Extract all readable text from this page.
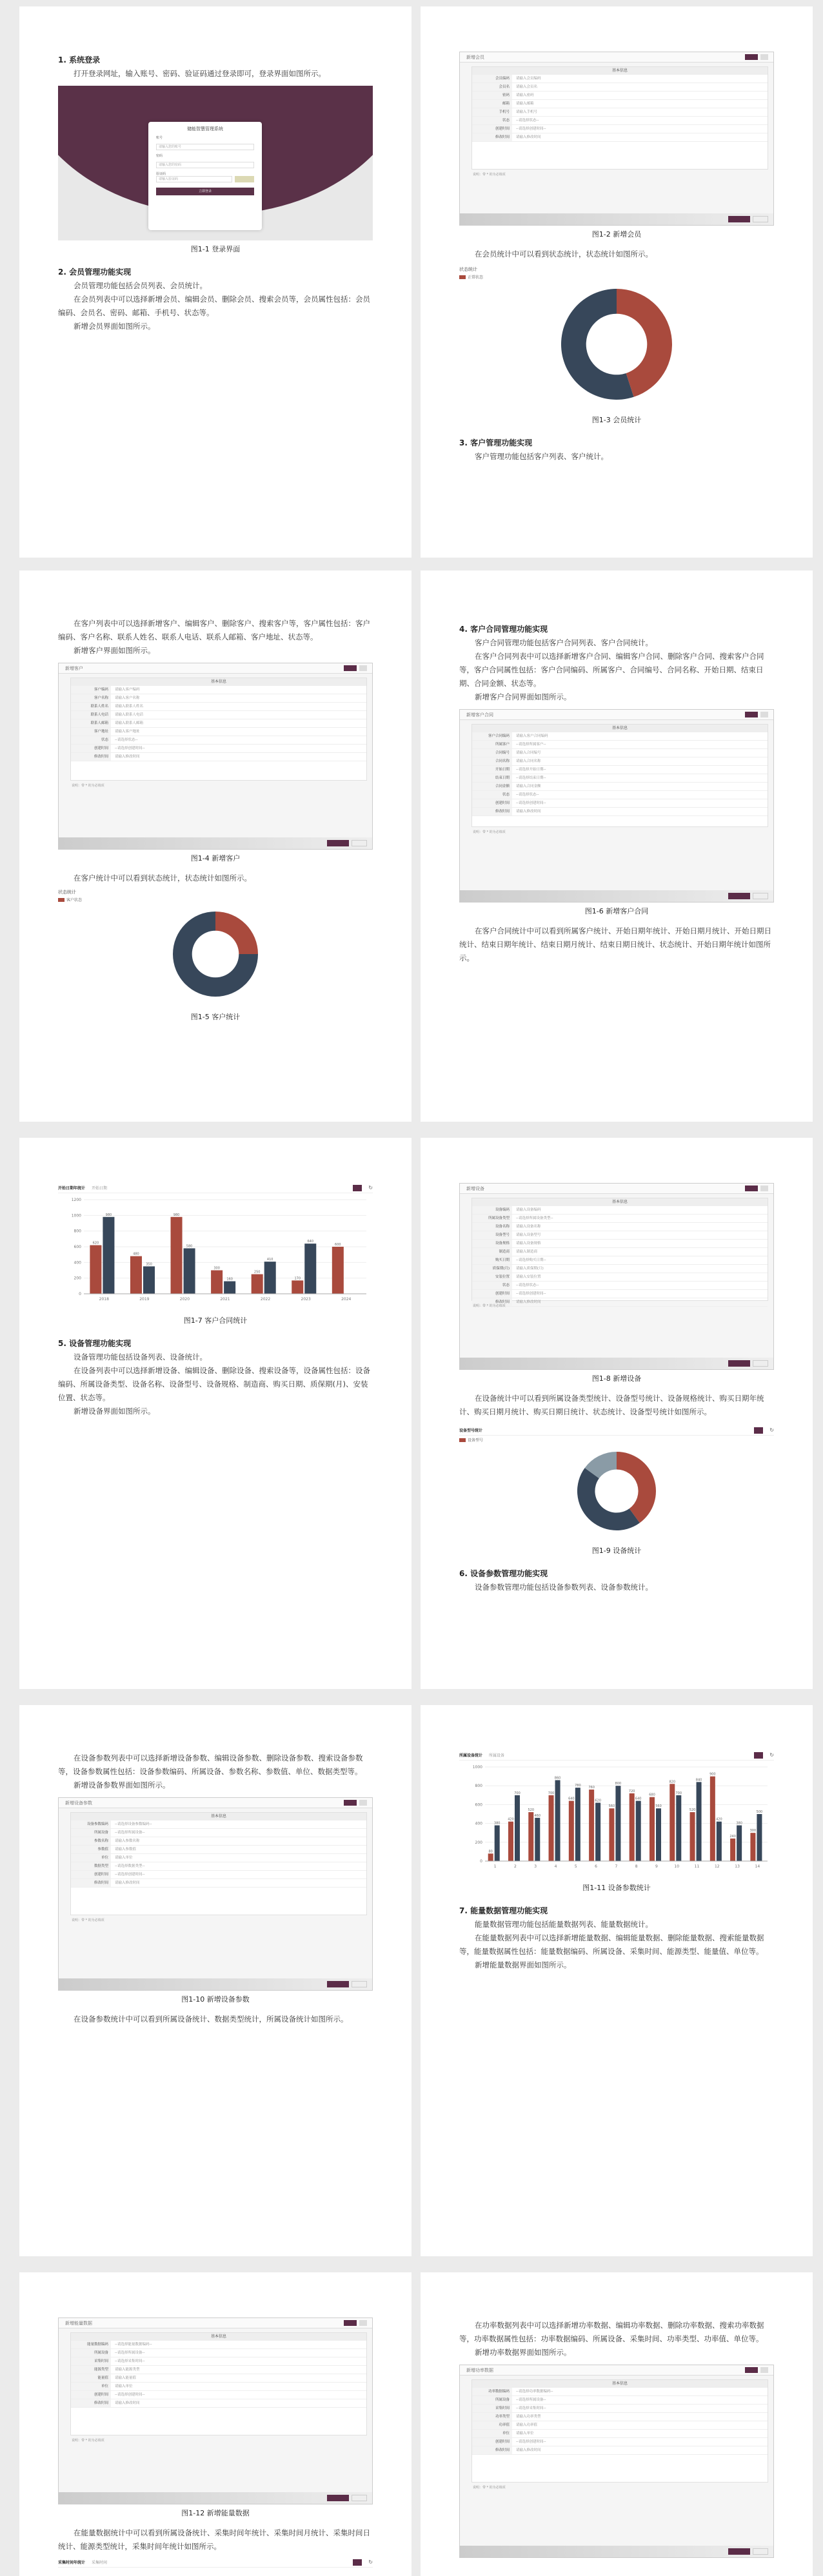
1. 系统登录
打开登录网址，输入账号、密码、验证码通过登录即可，登录界面如图所示。
储能智慧管理系统
账号
请输入您的账号
密码
请输入您的密码
验证码
请输入验证码
立即登录
图1-1 登录界面
2. 会员管理功能实现
会员管理功能包括会员列表、会员统计。
在会员列表中可以选择新增会员、编辑会员、删除会员、搜索会员等，会员属性包括：会员编码、会员名、密码、邮箱、手机号、状态等。
新增会员界面如图所示。
新增会员
基本信息
会员编码	请输入会员编码
会员名	请输入会员名
密码	请输入密码
邮箱	请输入邮箱
手机号	请输入手机号
状态	--请选择状态--
创建时间	--请选择创建时间--
修改时间	请输入修改时间
说明：带 * 的为必填项
图1-2 新增会员
在会员统计中可以看到状态统计，状态统计如图所示。
状态统计
正常状态
图1-3 会员统计
3. 客户管理功能实现
客户管理功能包括客户列表、客户统计。
在客户列表中可以选择新增客户、编辑客户、删除客户、搜索客户等，客户属性包括：客户编码、客户名称、联系人姓名、联系人电话、联系人邮箱、客户地址、状态等。
新增客户界面如图所示。
新增客户
基本信息
客户编码	请输入客户编码
客户名称	请输入客户名称
联系人姓名	请输入联系人姓名
联系人电话	请输入联系人电话
联系人邮箱	请输入联系人邮箱
客户地址	请输入客户地址
状态	--请选择状态--
创建时间	--请选择创建时间--
修改时间	请输入修改时间
说明：带 * 的为必填项
图1-4 新增客户
在客户统计中可以看到状态统计，状态统计如图所示。
状态统计
客户状态
图1-5 客户统计
4. 客户合同管理功能实现
客户合同管理功能包括客户合同列表、客户合同统计。
在客户合同列表中可以选择新增客户合同、编辑客户合同、删除客户合同、搜索客户合同等，客户合同属性包括：客户合同编码、所属客户、合同编号、合同名称、开始日期、结束日期、合同金额、状态等。
新增客户合同界面如图所示。
新增客户合同
基本信息
客户合同编码	请输入客户合同编码
所属客户	--请选择所属客户--
合同编号	请输入合同编号
合同名称	请输入合同名称
开始日期	--请选择开始日期--
结束日期	--请选择结束日期--
合同金额	请输入合同金额
状态	--请选择状态--
创建时间	--请选择创建时间--
修改时间	请输入修改时间
说明：带 * 的为必填项
图1-6 新增客户合同
在客户合同统计中可以看到所属客户统计、开始日期年统计、开始日期月统计、开始日期日统计、结束日期年统计、结束日期月统计、结束日期日统计、状态统计、开始日期年统计如图所示。
开始日期年统计 开始日期	↻
0
200
400
600
800
1000
1200
620
980
2018
480
350
2019
980
580
2020
300
160
2021
250
410
2022
170
640
2023
600
2024
图1-7 客户合同统计
5. 设备管理功能实现
设备管理功能包括设备列表、设备统计。
在设备列表中可以选择新增设备、编辑设备、删除设备、搜索设备等，设备属性包括：设备编码、所属设备类型、设备名称、设备型号、设备规格、制造商、购买日期、质保期(月)、安装位置、状态等。
新增设备界面如图所示。
新增设备
基本信息
设备编码	请输入设备编码
所属设备类型	--请选择所属设备类型--
设备名称	请输入设备名称
设备型号	请输入设备型号
设备规格	请输入设备规格
制造商	请输入制造商
购买日期	--请选择购买日期--
质保期(月)	请输入质保期(月)
安装位置	请输入安装位置
状态	--请选择状态--
创建时间	--请选择创建时间--
修改时间	请输入修改时间
说明：带 * 的为必填项
图1-8 新增设备
在设备统计中可以看到所属设备类型统计、设备型号统计、设备规格统计、购买日期年统计、购买日期月统计、购买日期日统计、状态统计、设备型号统计如图所示。
设备型号统计	↻
设备型号
图1-9 设备统计
6. 设备参数管理功能实现
设备参数管理功能包括设备参数列表、设备参数统计。
在设备参数列表中可以选择新增设备参数、编辑设备参数、删除设备参数、搜索设备参数等，设备参数属性包括：设备参数编码、所属设备、参数名称、参数值、单位、数据类型等。
新增设备参数界面如图所示。
新增设备参数
基本信息
设备参数编码	--请选择设备参数编码--
所属设备	--请选择所属设备--
参数名称	请输入参数名称
参数值	请输入参数值
单位	请输入单位
数据类型	--请选择数据类型--
创建时间	--请选择创建时间--
修改时间	请输入修改时间
说明：带 * 的为必填项
图1-10 新增设备参数
在设备参数统计中可以看到所属设备统计、数据类型统计，所属设备统计如图所示。
所属设备统计 所属设备	↻
0
200
400
600
800
1000
80
380
1
420
700
2
520
460
3
700
860
4
640
780
5
760
620
6
560
800
7
720
640
8
680
560
9
820
700
10
520
840
11
900
420
12
240
380
13
300
500
14
图1-11 设备参数统计
7. 能量数据管理功能实现
能量数据管理功能包括能量数据列表、能量数据统计。
在能量数据列表中可以选择新增能量数据、编辑能量数据、删除能量数据、搜索能量数据等，能量数据属性包括：能量数据编码、所属设备、采集时间、能源类型、能量值、单位等。
新增能量数据界面如图所示。
新增能量数据
基本信息
能量数据编码	--请选择能量数据编码--
所属设备	--请选择所属设备--
采集时间	--请选择采集时间--
能源类型	请输入能源类型
能量值	请输入能量值
单位	请输入单位
创建时间	--请选择创建时间--
修改时间	请输入修改时间
说明：带 * 的为必填项
图1-12 新增能量数据
在能量数据统计中可以看到所属设备统计、采集时间年统计、采集时间月统计、采集时间日统计、能源类型统计，采集时间年统计如图所示。
采集时间年统计 采集时间	↻
在功率数据列表中可以选择新增功率数据、编辑功率数据、删除功率数据、搜索功率数据等，功率数据属性包括：功率数据编码、所属设备、采集时间、功率类型、功率值、单位等。
新增功率数据界面如图所示。
新增功率数据
基本信息
功率数据编码	--请选择功率数据编码--
所属设备	--请选择所属设备--
采集时间	--请选择采集时间--
功率类型	请输入功率类型
功率值	请输入功率值
单位	请输入单位
创建时间	--请选择创建时间--
修改时间	请输入修改时间
说明：带 * 的为必填项
